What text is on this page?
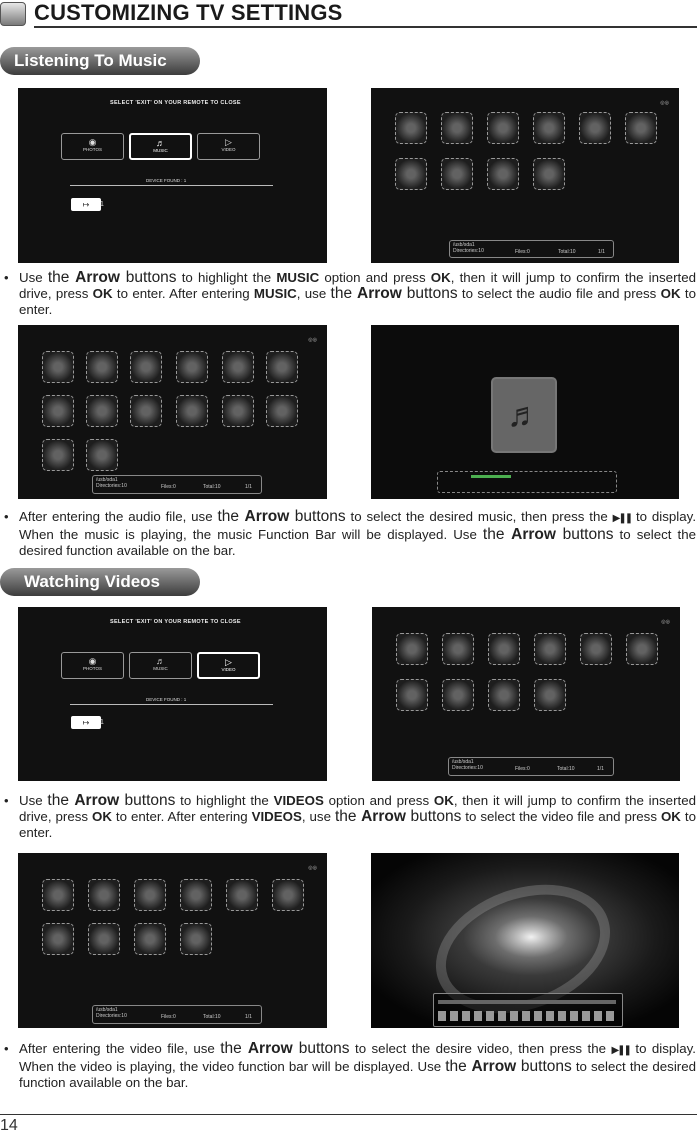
CUSTOMIZING TV SETTINGS
Listening To Music
SELECT 'EXIT' ON YOUR REMOTE TO CLOSE
◉
PHOTOS
♬
MUSIC
▷
VIDEO
DEVICE FOUND : 1
↦	1
◎◎
/usb/sda1
Directories:10	Files:0	Total:10	1/1
• Use the Arrow buttons to highlight the MUSIC option and press OK, then it will jump to confirm the inserted drive, press OK to enter. After entering MUSIC, use the Arrow buttons to select the audio file and press OK to enter.

◎◎
/usb/sda1
Directories:10	Files:0	Total:10	1/1
♬
• After entering the audio file, use the Arrow buttons to select the desired music, then press the ▶❚❚ to display. When the music is playing, the music Function Bar will be displayed. Use the Arrow buttons to select the desired function available on the bar.

Watching Videos
SELECT 'EXIT' ON YOUR REMOTE TO CLOSE
◉
PHOTOS
♬
MUSIC
▷
VIDEO
DEVICE FOUND : 1
↦	1
◎◎
/usb/sda1
Directories:10	Files:0	Total:10	1/1
• Use the Arrow buttons to highlight the VIDEOS option and press OK, then it will jump to confirm the inserted drive, press OK to enter. After entering VIDEOS, use the Arrow buttons to select the video file and press OK to enter.

◎◎
/usb/sda1
Directories:10	Files:0	Total:10	1/1
• After entering the video file, use the Arrow buttons to select the desire video, then press the ▶❚❚ to display. When the video is playing, the video function bar will be displayed. Use the Arrow buttons to select the desired function available on the bar.

14
